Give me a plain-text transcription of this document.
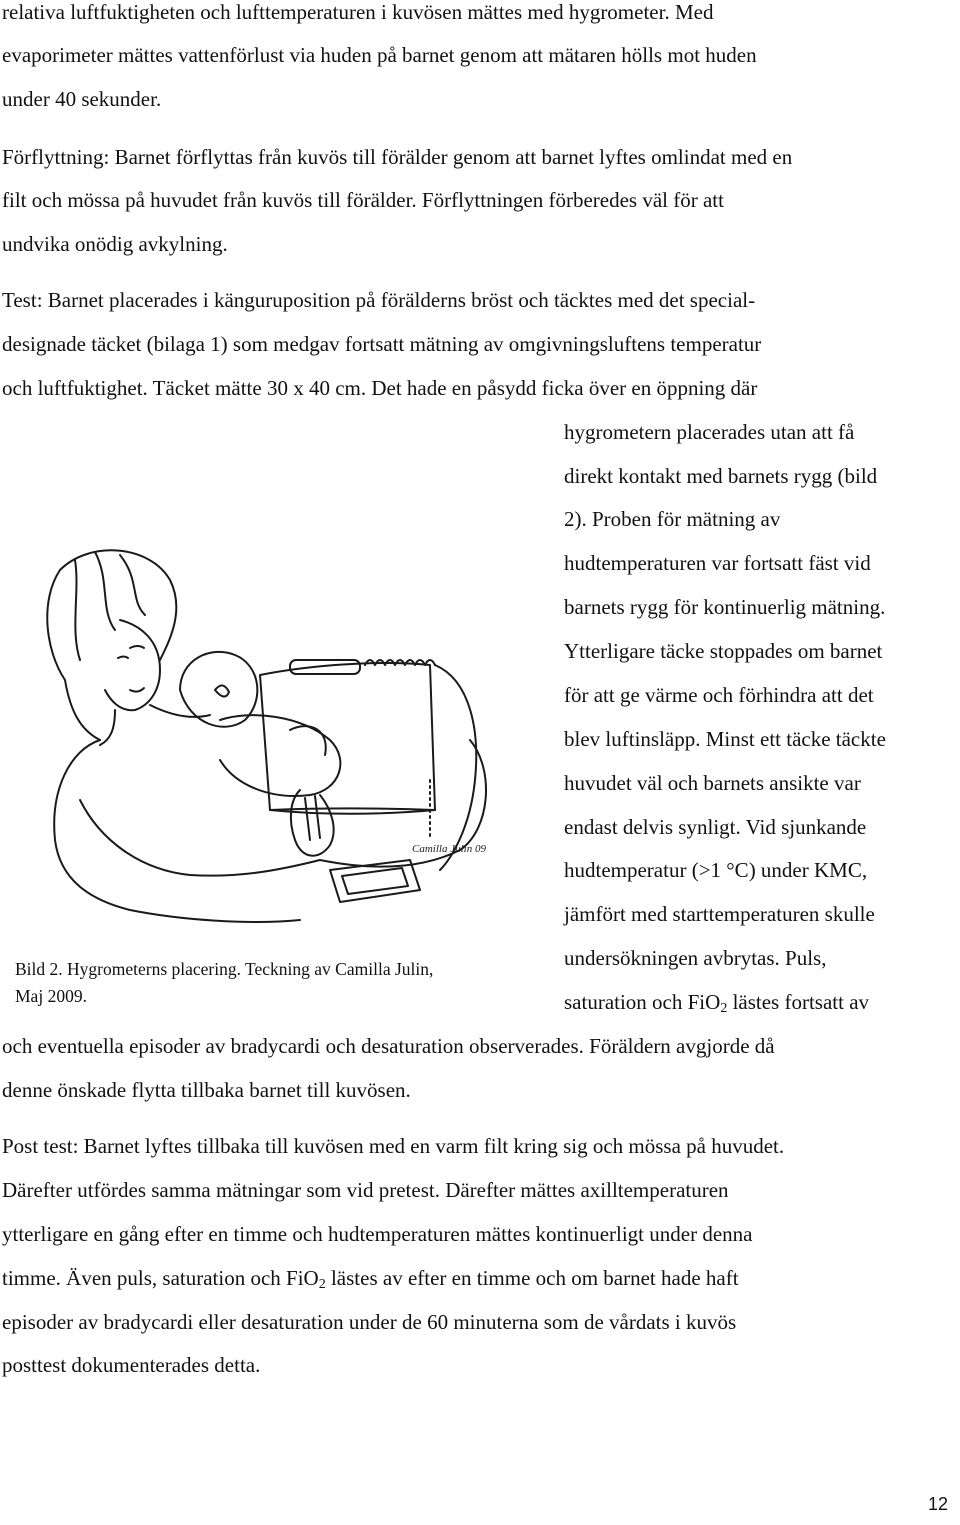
relativa luftfuktigheten och lufttemperaturen i kuvösen mättes med hygrometer. Med
evaporimeter mättes vattenförlust via huden på barnet genom att mätaren hölls mot huden
under 40 sekunder.
Förflyttning: Barnet förflyttas från kuvös till förälder genom att barnet lyftes omlindat med en
filt och mössa på huvudet från kuvös till förälder. Förflyttningen förberedes väl för att
undvika onödig avkylning.
Test: Barnet placerades i känguruposition på förälderns bröst och täcktes med det special-
designade täcket (bilaga 1) som medgav fortsatt mätning av omgivningsluftens temperatur
och luftfuktighet. Täcket mätte 30 x 40 cm. Det hade en påsydd ficka över en öppning där
hygrometern placerades utan att få
direkt kontakt med barnets rygg (bild
2). Proben för mätning av
hudtemperaturen var fortsatt fäst vid
barnets rygg för kontinuerlig mätning.
Ytterligare täcke stoppades om barnet
för att ge värme och förhindra att det
blev luftinsläpp. Minst ett täcke täckte
huvudet väl och barnets ansikte var
endast delvis synligt. Vid sjunkande
hudtemperatur (>1 °C) under KMC,
jämfört med starttemperaturen skulle
undersökningen avbrytas. Puls,
saturation och FiO$_2$ lästes fortsatt av
och eventuella episoder av bradycardi och desaturation observerades. Föräldern avgjorde då
denne önskade flytta tillbaka barnet till kuvösen.
Camilla Julin 09
Bild 2. Hygrometerns placering. Teckning av Camilla Julin,
Maj 2009.
Post test: Barnet lyftes tillbaka till kuvösen med en varm filt kring sig och mössa på huvudet.
Därefter utfördes samma mätningar som vid pretest. Därefter mättes axilltemperaturen
ytterligare en gång efter en timme och hudtemperaturen mättes kontinuerligt under denna
timme. Även puls, saturation och FiO$_2$ lästes av efter en timme och om barnet hade haft
episoder av bradycardi eller desaturation under de 60 minuterna som de vårdats i kuvös
posttest dokumenterades detta.
12
